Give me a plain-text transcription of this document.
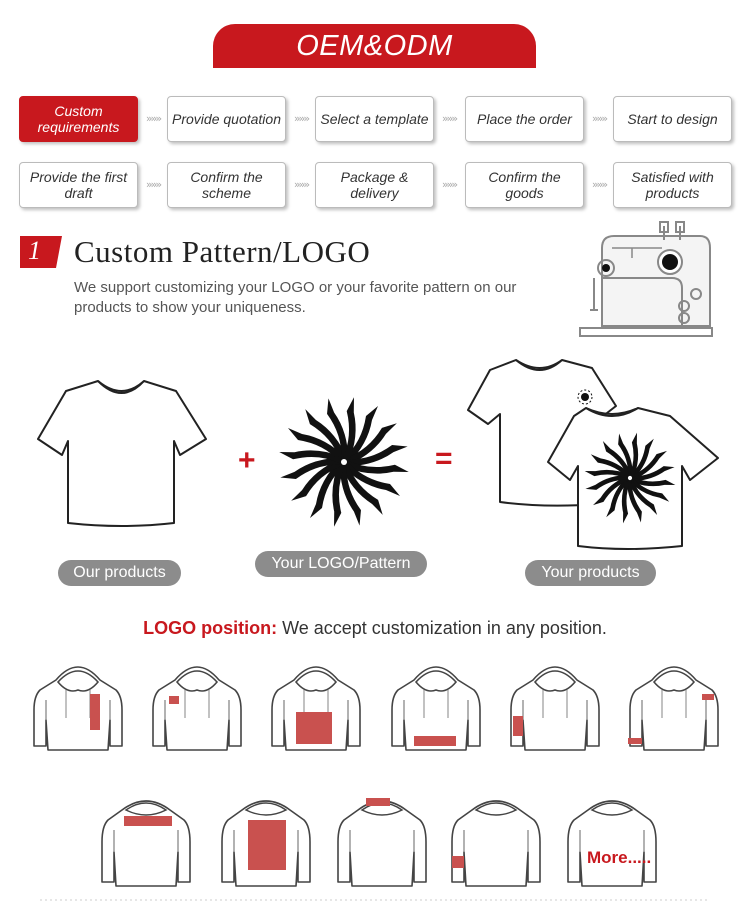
OEM&ODM
Custom requirements
»»» Provide quotation	»»» Select a template	»»»	Place the order	»»»	Start to design
Provide the first draft
»»»	Confirm the scheme
»»»	Package & delivery
»»»	Confirm the goods
»»»	Satisfied with products
1 Custom Pattern/LOGO
We support customizing your LOGO or your favorite pattern on our products to show your uniqueness.
+	=
Our products
Your LOGO/Pattern
Your products
LOGO position: We accept customization in any position.
More.....
